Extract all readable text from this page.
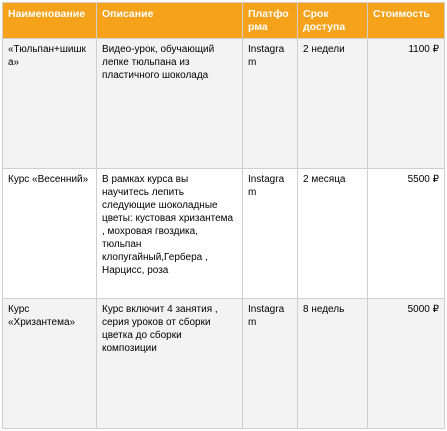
Наименование	Описание	Платфо рма	Срок доступа	Стоимость
«Тюльпан+шишка»	Видео-урок, обучающий лепке тюльпана из пластичного шоколада	Instagram	2 недели	1100 ₽
Курс «Весенний»	В рамках курса вы научитесь лепить следующие шоколадные цветы: кустовая хризантема , мохровая гвоздика, тюльпан клопугайный,Гербера , Нарцисс, роза	Instagram	2 месяца	5500 ₽
Курс «Хризантема»	Курс включит 4 занятия , серия уроков от сборки цветка до сборки композиции	Instagram	8 недель	5000 ₽
